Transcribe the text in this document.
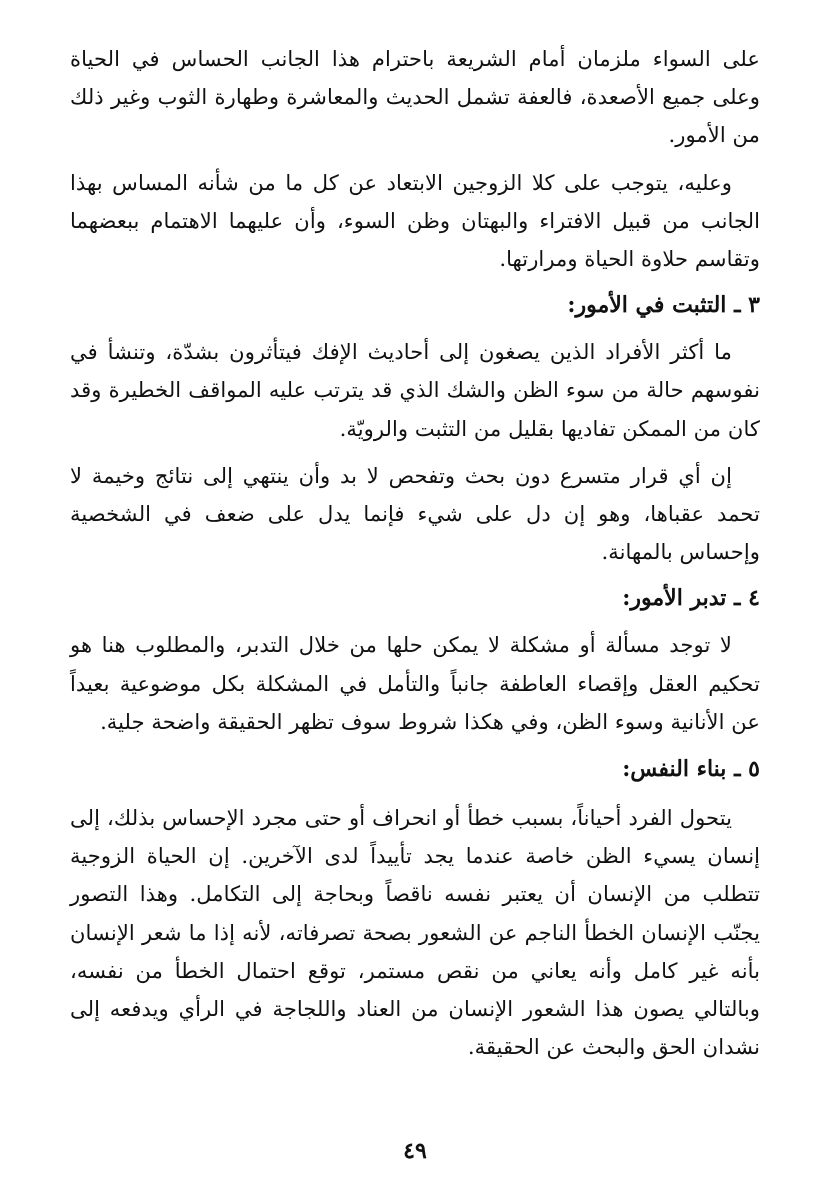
على السواء ملزمان أمام الشريعة باحترام هذا الجانب الحساس في الحياة وعلى جميع الأصعدة، فالعفة تشمل الحديث والمعاشرة وطهارة الثوب وغير ذلك من الأمور.

وعليه، يتوجب على كلا الزوجين الابتعاد عن كل ما من شأنه المساس بهذا الجانب من قبيل الافتراء والبهتان وظن السوء، وأن عليهما الاهتمام ببعضهما وتقاسم حلاوة الحياة ومرارتها.

٣ ـ التثبت في الأمور:

ما أكثر الأفراد الذين يصغون إلى أحاديث الإفك فيتأثرون بشدّة، وتنشأ في نفوسهم حالة من سوء الظن والشك الذي قد يترتب عليه المواقف الخطيرة وقد كان من الممكن تفاديها بقليل من التثبت والرويّة.

إن أي قرار متسرع دون بحث وتفحص لا بد وأن ينتهي إلى نتائج وخيمة لا تحمد عقباها، وهو إن دل على شيء فإنما يدل على ضعف في الشخصية وإحساس بالمهانة.

٤ ـ تدبر الأمور:

لا توجد مسألة أو مشكلة لا يمكن حلها من خلال التدبر، والمطلوب هنا هو تحكيم العقل وإقصاء العاطفة جانباً والتأمل في المشكلة بكل موضوعية بعيداً عن الأنانية وسوء الظن، وفي هكذا شروط سوف تظهر الحقيقة واضحة جلية.

٥ ـ بناء النفس:

يتحول الفرد أحياناً، بسبب خطأ أو انحراف أو حتى مجرد الإحساس بذلك، إلى إنسان يسيء الظن خاصة عندما يجد تأييداً لدى الآخرين. إن الحياة الزوجية تتطلب من الإنسان أن يعتبر نفسه ناقصاً وبحاجة إلى التكامل. وهذا التصور يجنّب الإنسان الخطأ الناجم عن الشعور بصحة تصرفاته، لأنه إذا ما شعر الإنسان بأنه غير كامل وأنه يعاني من نقص مستمر، توقع احتمال الخطأ من نفسه، وبالتالي يصون هذا الشعور الإنسان من العناد واللجاجة في الرأي ويدفعه إلى نشدان الحق والبحث عن الحقيقة.

٤٩
